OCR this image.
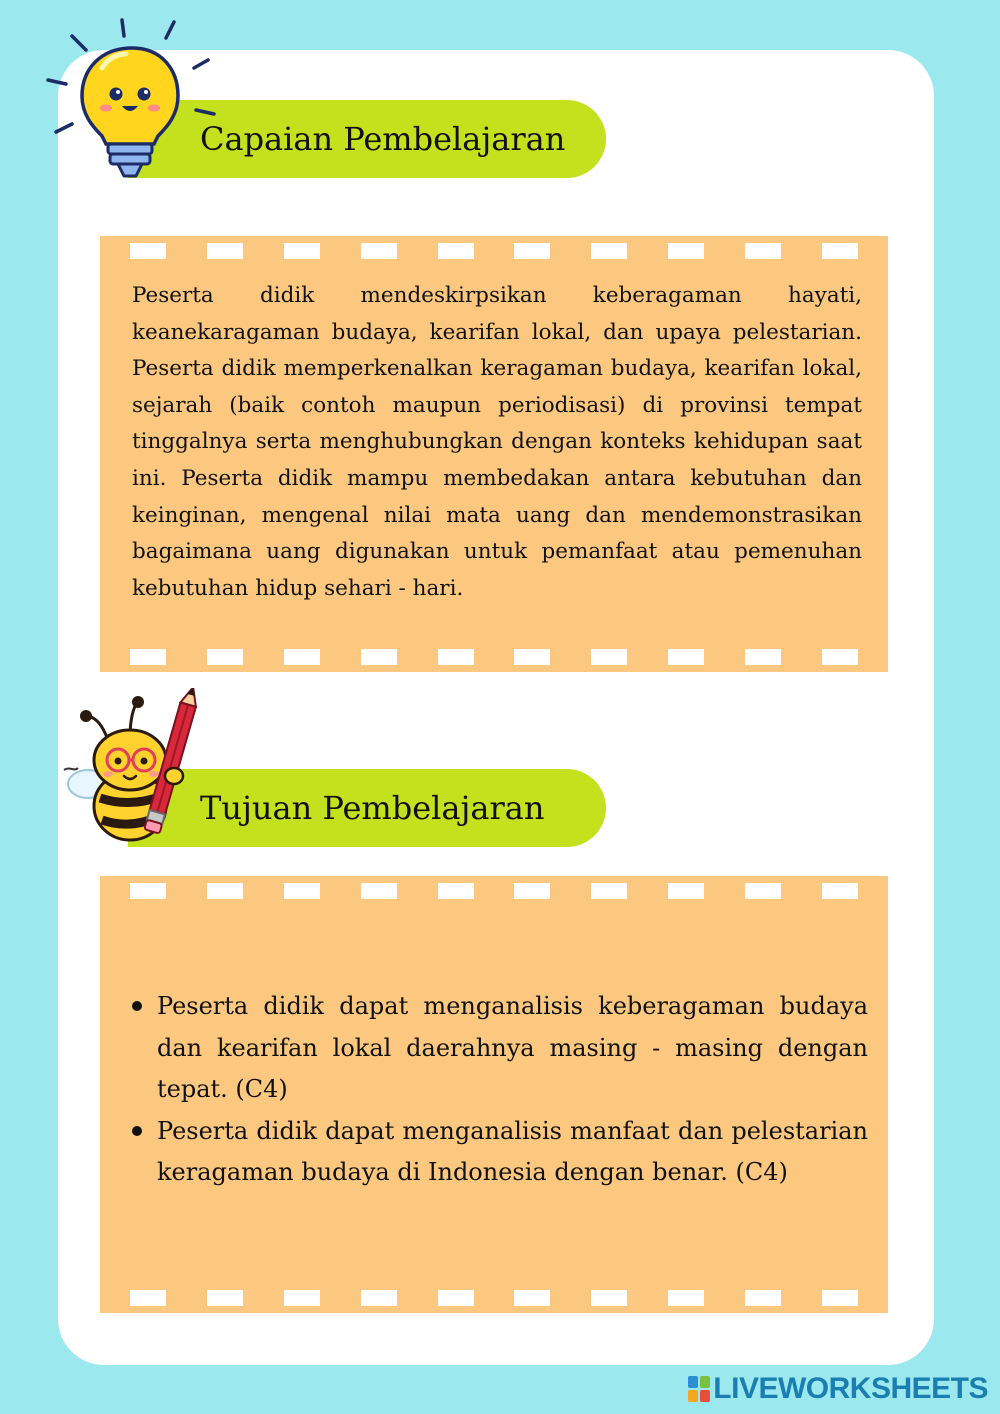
Capaian Pembelajaran

Peserta didik mendeskirpsikan keberagaman hayati, keanekaragaman budaya, kearifan lokal, dan upaya pelestarian. Peserta didik memperkenalkan keragaman budaya, kearifan lokal, sejarah (baik contoh maupun periodisasi) di provinsi tempat tinggalnya serta menghubungkan dengan konteks kehidupan saat ini. Peserta didik mampu membedakan antara kebutuhan dan keinginan, mengenal nilai mata uang dan mendemonstrasikan bagaimana uang digunakan untuk pemanfaat atau pemenuhan kebutuhan hidup sehari - hari.

Tujuan Pembelajaran
Peserta didik dapat menganalisis keberagaman budaya dan kearifan lokal daerahnya masing - masing dengan tepat. (C4)
Peserta didik dapat menganalisis manfaat dan pelestarian keragaman budaya di Indonesia dengan benar. (C4)
LIVEWORKSHEETS
